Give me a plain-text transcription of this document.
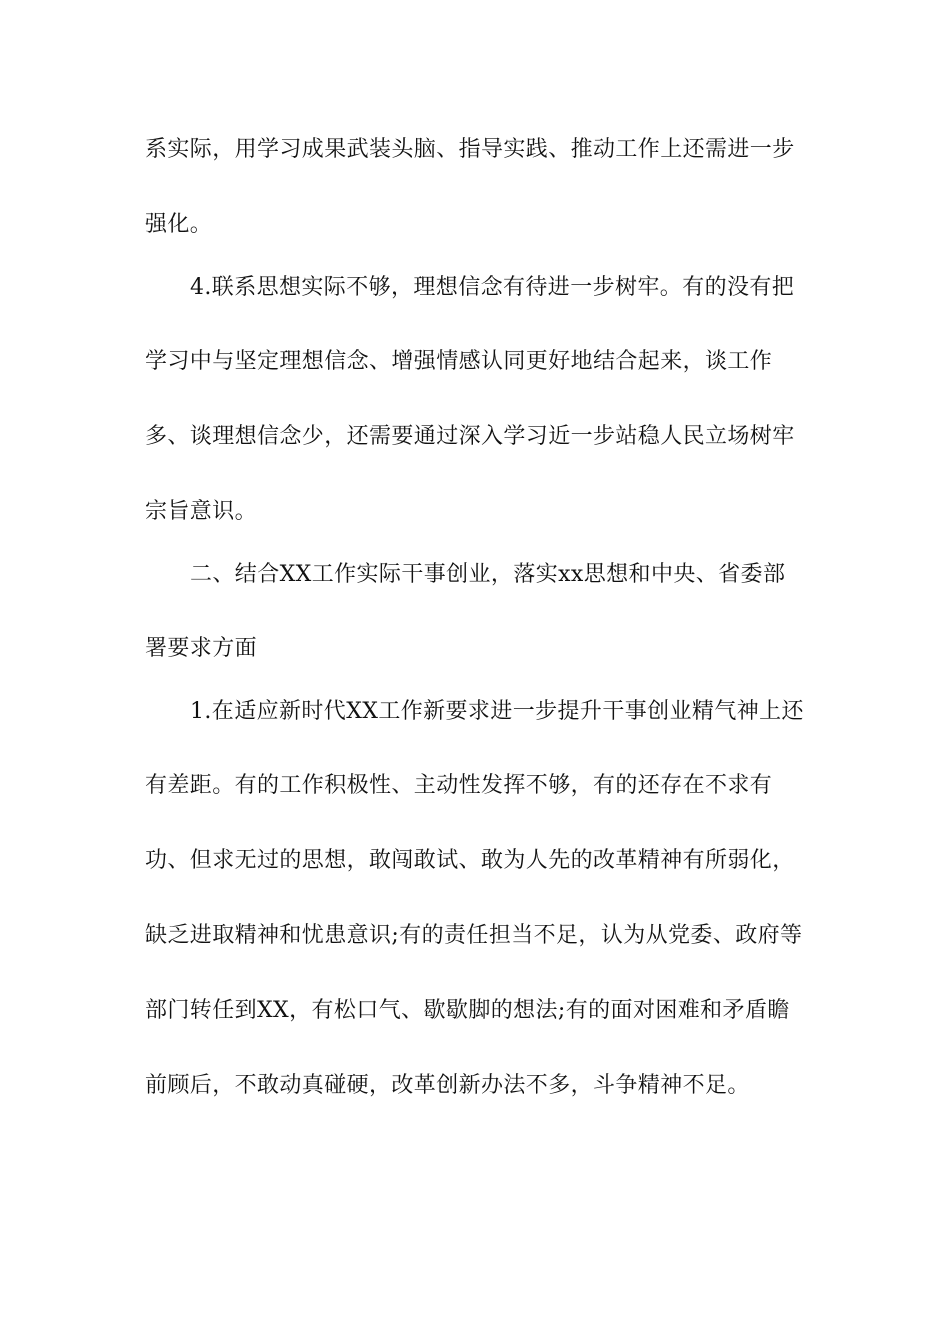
系实际，用学习成果武装头脑、指导实践、推动工作上还需进一步
强化。
4.联系思想实际不够，理想信念有待进一步树牢。有的没有把
学习中与坚定理想信念、增强情感认同更好地结合起来，谈工作
多、谈理想信念少，还需要通过深入学习近一步站稳人民立场树牢
宗旨意识。
二、结合XX工作实际干事创业，落实xx思想和中央、省委部
署要求方面
1.在适应新时代XX工作新要求进一步提升干事创业精气神上还
有差距。有的工作积极性、主动性发挥不够，有的还存在不求有
功、但求无过的思想，敢闯敢试、敢为人先的改革精神有所弱化，
缺乏进取精神和忧患意识;有的责任担当不足，认为从党委、政府等
部门转任到XX，有松口气、歇歇脚的想法;有的面对困难和矛盾瞻
前顾后，不敢动真碰硬，改革创新办法不多，斗争精神不足。
